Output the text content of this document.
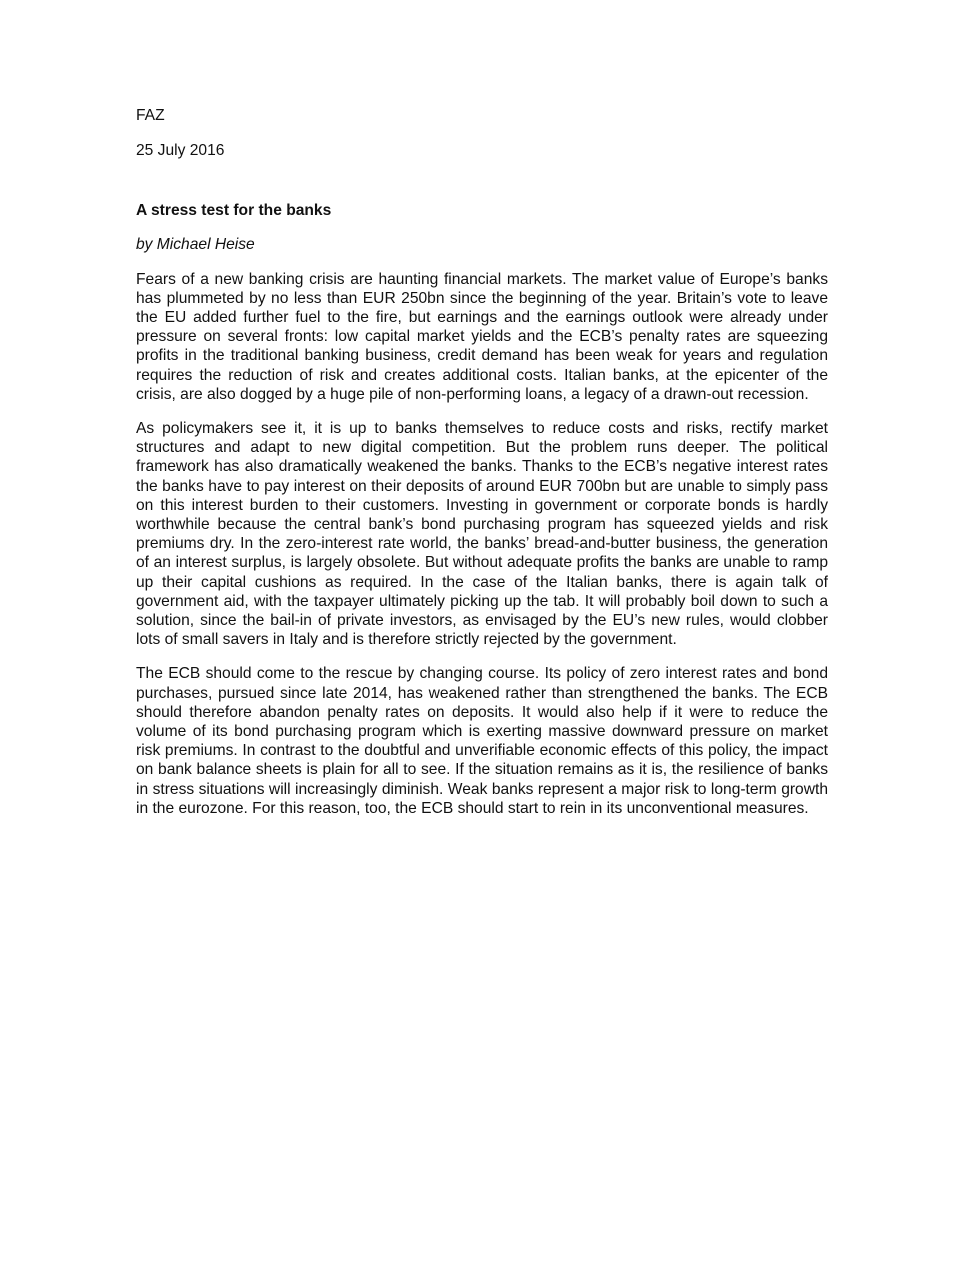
FAZ

25 July 2016

A stress test for the banks

by Michael Heise

Fears of a new banking crisis are haunting financial markets. The market value of Europe’s banks has plummeted by no less than EUR 250bn since the beginning of the year. Britain’s vote to leave the EU added further fuel to the fire, but earnings and the earnings outlook were already under pressure on several fronts: low capital market yields and the ECB’s penalty rates are squeezing profits in the traditional banking business, credit demand has been weak for years and regulation requires the reduction of risk and creates additional costs. Italian banks, at the epicenter of the crisis, are also dogged by a huge pile of non-performing loans, a legacy of a drawn-out recession.

As policymakers see it, it is up to banks themselves to reduce costs and risks, rectify market structures and adapt to new digital competition. But the problem runs deeper. The political framework has also dramatically weakened the banks. Thanks to the ECB’s negative interest rates the banks have to pay interest on their deposits of around EUR 700bn but are unable to simply pass on this interest burden to their customers. Investing in government or corporate bonds is hardly worthwhile because the central bank’s bond purchasing program has squeezed yields and risk premiums dry. In the zero-interest rate world, the banks’ bread-and-butter business, the generation of an interest surplus, is largely obsolete. But without adequate profits the banks are unable to ramp up their capital cushions as required. In the case of the Italian banks, there is again talk of government aid, with the taxpayer ultimately picking up the tab. It will probably boil down to such a solution, since the bail-in of private investors, as envisaged by the EU’s new rules, would clobber lots of small savers in Italy and is therefore strictly rejected by the government.

The ECB should come to the rescue by changing course. Its policy of zero interest rates and bond purchases, pursued since late 2014, has weakened rather than strengthened the banks. The ECB should therefore abandon penalty rates on deposits. It would also help if it were to reduce the volume of its bond purchasing program which is exerting massive downward pressure on market risk premiums. In contrast to the doubtful and unverifiable economic effects of this policy, the impact on bank balance sheets is plain for all to see. If the situation remains as it is, the resilience of banks in stress situations will increasingly diminish. Weak banks represent a major risk to long-term growth in the eurozone. For this reason, too, the ECB should start to rein in its unconventional measures.
